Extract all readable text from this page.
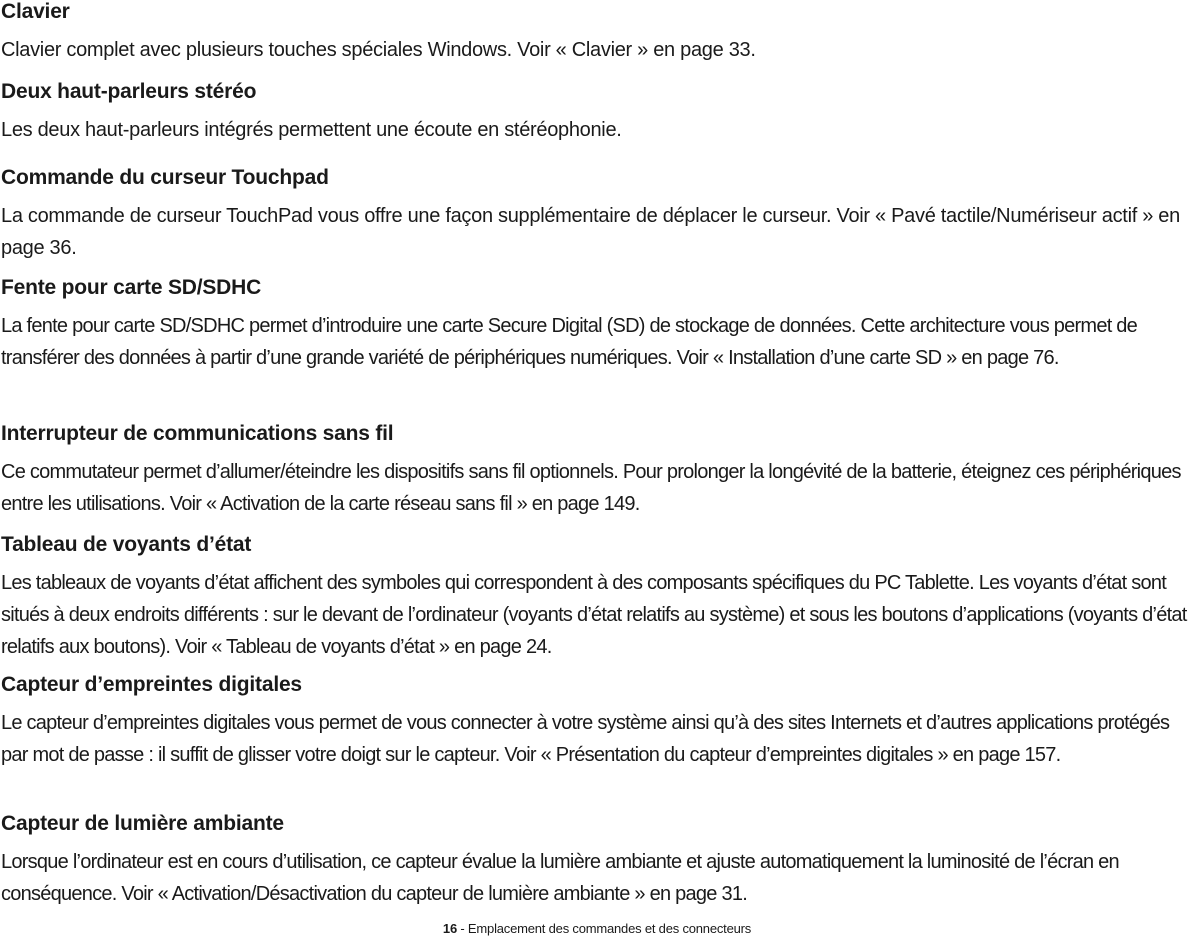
Clavier

Clavier complet avec plusieurs touches spéciales Windows. Voir « Clavier » en page 33.

Deux haut-parleurs stéréo

Les deux haut-parleurs intégrés permettent une écoute en stéréophonie.

Commande du curseur Touchpad

La commande de curseur TouchPad vous offre une façon supplémentaire de déplacer le curseur. Voir « Pavé tactile/Numériseur actif » en page 36.

Fente pour carte SD/SDHC

La fente pour carte SD/SDHC permet d’introduire une carte Secure Digital (SD) de stockage de données. Cette architecture vous permet de transférer des données à partir d’une grande variété de périphériques numériques. Voir « Installation d’une carte SD » en page 76.

Interrupteur de communications sans fil

Ce commutateur permet d’allumer/éteindre les dispositifs sans fil optionnels. Pour prolonger la longévité de la batterie, éteignez ces périphériques entre les utilisations. Voir « Activation de la carte réseau sans fil » en page 149.

Tableau de voyants d’état

Les tableaux de voyants d’état affichent des symboles qui correspondent à des composants spécifiques du PC Tablette. Les voyants d’état sont situés à deux endroits différents : sur le devant de l’ordinateur (voyants d’état relatifs au système) et sous les boutons d’applications (voyants d’état relatifs aux boutons). Voir « Tableau de voyants d’état » en page 24.

Capteur d’empreintes digitales

Le capteur d’empreintes digitales vous permet de vous connecter à votre système ainsi qu’à des sites Internets et d’autres applications protégés par mot de passe : il suffit de glisser votre doigt sur le capteur. Voir « Présentation du capteur d’empreintes digitales » en page 157.

Capteur de lumière ambiante

Lorsque l’ordinateur est en cours d’utilisation, ce capteur évalue la lumière ambiante et ajuste automatiquement la luminosité de l’écran en conséquence. Voir « Activation/Désactivation du capteur de lumière ambiante » en page 31.

16 - Emplacement des commandes et des connecteurs
